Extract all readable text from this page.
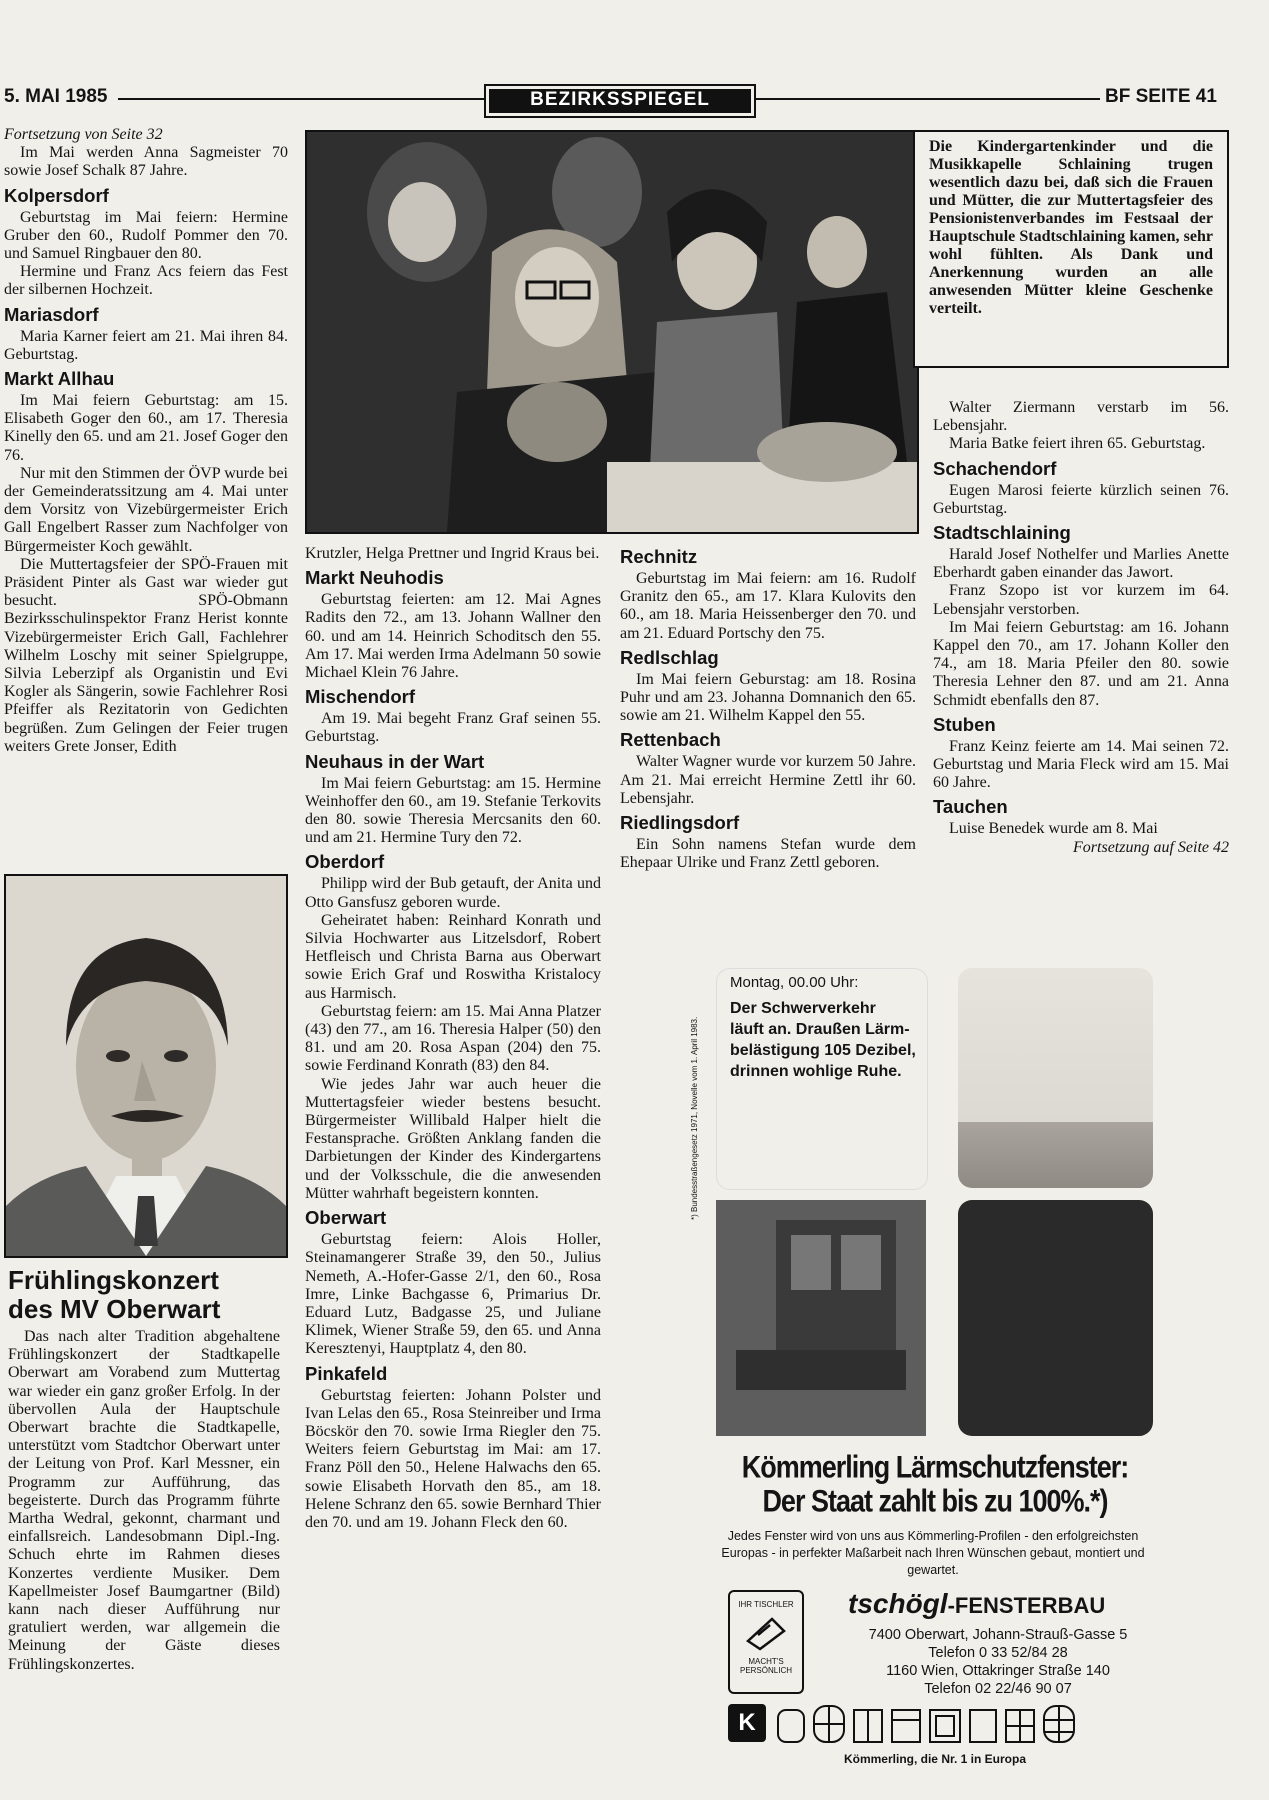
5. MAI 1985	BEZIRKSSPIEGEL	BF SEITE 41

Fortsetzung von Seite 32

Im Mai werden Anna Sagmeister 70 sowie Josef Schalk 87 Jahre.

Kolpersdorf

Geburtstag im Mai feiern: Hermine Gruber den 60., Rudolf Pommer den 70. und Samuel Ringbauer den 80.

Hermine und Franz Acs feiern das Fest der silbernen Hochzeit.

Mariasdorf

Maria Karner feiert am 21. Mai ihren 84. Geburtstag.

Markt Allhau

Im Mai feiern Geburtstag: am 15. Elisabeth Goger den 60., am 17. Theresia Kinelly den 65. und am 21. Josef Goger den 76.

Nur mit den Stimmen der ÖVP wurde bei der Gemeinderatssitzung am 4. Mai unter dem Vorsitz von Vizebürgermeister Erich Gall Engelbert Rasser zum Nachfolger von Bürgermeister Koch gewählt.

Die Muttertagsfeier der SPÖ-Frauen mit Präsident Pinter als Gast war wieder gut besucht. SPÖ-Obmann Bezirksschulinspektor Franz Herist konnte Vizebürgermeister Erich Gall, Fachlehrer Wilhelm Loschy mit seiner Spielgruppe, Silvia Leberzipf als Organistin und Evi Kogler als Sängerin, sowie Fachlehrer Rosi Pfeiffer als Rezitatorin von Gedichten begrüßen. Zum Gelingen der Feier trugen weiters Grete Jonser, Edith

Frühlingskonzert
des MV Oberwart

Das nach alter Tradition abgehaltene Frühlingskonzert der Stadtkapelle Oberwart am Vorabend zum Muttertag war wieder ein ganz großer Erfolg. In der übervollen Aula der Hauptschule Oberwart brachte die Stadtkapelle, unterstützt vom Stadtchor Oberwart unter der Leitung von Prof. Karl Messner, ein Programm zur Aufführung, das begeisterte. Durch das Programm führte Martha Wedral, gekonnt, charmant und einfallsreich. Landesobmann Dipl.-Ing. Schuch ehrte im Rahmen dieses Konzertes verdiente Musiker. Dem Kapellmeister Josef Baumgartner (Bild) kann nach dieser Aufführung nur gratuliert werden, war allgemein die Meinung der Gäste dieses Frühlingskonzertes.

Die Kindergartenkinder und die Musikkapelle Schlaining trugen wesentlich dazu bei, daß sich die Frauen und Mütter, die zur Muttertagsfeier des Pensionistenverbandes im Festsaal der Hauptschule Stadtschlaining kamen, sehr wohl fühlten. Als Dank und Anerkennung wurden an alle anwesenden Mütter kleine Geschenke verteilt.

Krutzler, Helga Prettner und Ingrid Kraus bei.

Markt Neuhodis

Geburtstag feierten: am 12. Mai Agnes Radits den 72., am 13. Johann Wallner den 60. und am 14. Heinrich Schoditsch den 55. Am 17. Mai werden Irma Adelmann 50 sowie Michael Klein 76 Jahre.

Mischendorf

Am 19. Mai begeht Franz Graf seinen 55. Geburtstag.

Neuhaus in der Wart

Im Mai feiern Geburtstag: am 15. Hermine Weinhoffer den 60., am 19. Stefanie Terkovits den 80. sowie Theresia Mercsanits den 60. und am 21. Hermine Tury den 72.

Oberdorf

Philipp wird der Bub getauft, der Anita und Otto Gansfusz geboren wurde.

Geheiratet haben: Reinhard Konrath und Silvia Hochwarter aus Litzelsdorf, Robert Hetfleisch und Christa Barna aus Oberwart sowie Erich Graf und Roswitha Kristalocy aus Harmisch.

Geburtstag feiern: am 15. Mai Anna Platzer (43) den 77., am 16. Theresia Halper (50) den 81. und am 20. Rosa Aspan (204) den 75. sowie Ferdinand Konrath (83) den 84.

Wie jedes Jahr war auch heuer die Muttertagsfeier wieder bestens besucht. Bürgermeister Willibald Halper hielt die Festansprache. Größten Anklang fanden die Darbietungen der Kinder des Kindergartens und der Volksschule, die die anwesenden Mütter wahrhaft begeistern konnten.

Oberwart

Geburtstag feiern: Alois Holler, Steinamangerer Straße 39, den 50., Julius Nemeth, A.-Hofer-Gasse 2/1, den 60., Rosa Imre, Linke Bachgasse 6, Primarius Dr. Eduard Lutz, Badgasse 25, und Juliane Klimek, Wiener Straße 59, den 65. und Anna Keresztenyi, Hauptplatz 4, den 80.

Pinkafeld

Geburtstag feierten: Johann Polster und Ivan Lelas den 65., Rosa Steinreiber und Irma Böcskör den 70. sowie Irma Riegler den 75. Weiters feiern Geburtstag im Mai: am 17. Franz Pöll den 50., Helene Halwachs den 65. sowie Elisabeth Horvath den 85., am 18. Helene Schranz den 65. sowie Bernhard Thier den 70. und am 19. Johann Fleck den 60.

Rechnitz

Geburtstag im Mai feiern: am 16. Rudolf Granitz den 65., am 17. Klara Kulovits den 60., am 18. Maria Heissenberger den 70. und am 21. Eduard Portschy den 75.

Redlschlag

Im Mai feiern Geburstag: am 18. Rosina Puhr und am 23. Johanna Domnanich den 65. sowie am 21. Wilhelm Kappel den 55.

Rettenbach

Walter Wagner wurde vor kurzem 50 Jahre. Am 21. Mai erreicht Hermine Zettl ihr 60. Lebensjahr.

Riedlingsdorf

Ein Sohn namens Stefan wurde dem Ehepaar Ulrike und Franz Zettl geboren.

Walter Ziermann verstarb im 56. Lebensjahr.

Maria Batke feiert ihren 65. Geburtstag.

Schachendorf

Eugen Marosi feierte kürzlich seinen 76. Geburtstag.

Stadtschlaining

Harald Josef Nothelfer und Marlies Anette Eberhardt gaben einander das Jawort.

Franz Szopo ist vor kurzem im 64. Lebensjahr verstorben.

Im Mai feiern Geburtstag: am 16. Johann Kappel den 70., am 17. Johann Koller den 74., am 18. Maria Pfeiler den 80. sowie Theresia Lehner den 87. und am 21. Anna Schmidt ebenfalls den 87.

Stuben

Franz Keinz feierte am 14. Mai seinen 72. Geburtstag und Maria Fleck wird am 15. Mai 60 Jahre.

Tauchen

Luise Benedek wurde am 8. Mai

Fortsetzung auf Seite 42

Montag, 00.00 Uhr:
Der Schwerverkehr
läuft an. Draußen Lärm-
belästigung 105 Dezibel,
drinnen wohlige Ruhe.
*) Bundesstraßengesetz 1971, Novelle vom 1. April 1983.
Kömmerling Lärmschutzfenster:
Der Staat zahlt bis zu 100%.*)
Jedes Fenster wird von uns aus Kömmerling-Profilen - den erfolgreichsten Europas - in perfekter Maßarbeit nach Ihren Wünschen gebaut, montiert und gewartet.
IHR TISCHLER
MACHT'S PERSÖNLICH
tschögl-FENSTERBAU
7400 Oberwart, Johann-Strauß-Gasse 5
Telefon 0 33 52/84 28
1160 Wien, Ottakringer Straße 140
Telefon 02 22/46 90 07
K
Kömmerling, die Nr. 1 in Europa
